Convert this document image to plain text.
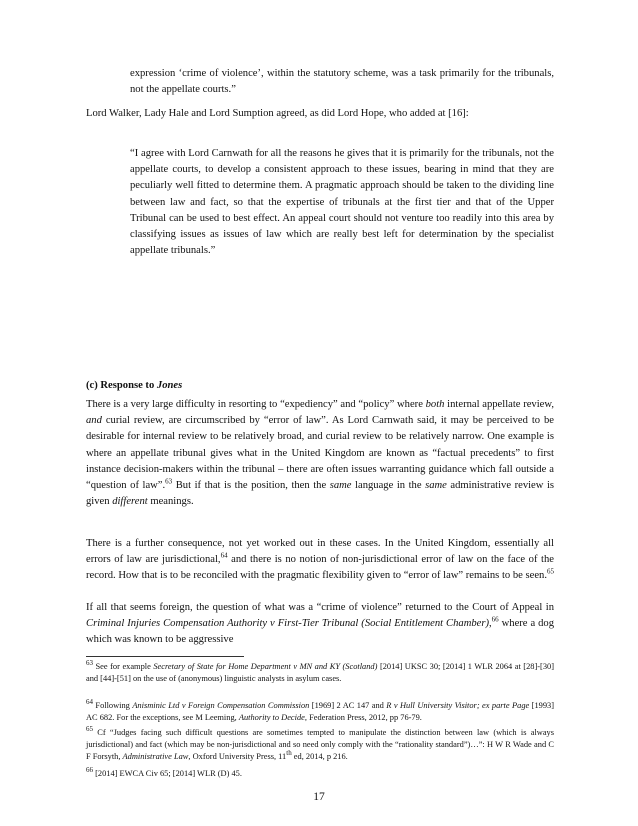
expression ‘crime of violence’, within the statutory scheme, was a task primarily for the tribunals, not the appellate courts.”

Lord Walker, Lady Hale and Lord Sumption agreed, as did Lord Hope, who added at [16]:

“I agree with Lord Carnwath for all the reasons he gives that it is primarily for the tribunals, not the appellate courts, to develop a consistent approach to these issues, bearing in mind that they are peculiarly well fitted to determine them. A pragmatic approach should be taken to the dividing line between law and fact, so that the expertise of tribunals at the first tier and that of the Upper Tribunal can be used to best effect. An appeal court should not venture too readily into this area by classifying issues as issues of law which are really best left for determination by the specialist appellate tribunals.”

(c) Response to Jones

There is a very large difficulty in resorting to “expediency” and “policy” where both internal appellate review, and curial review, are circumscribed by “error of law”. As Lord Carnwath said, it may be perceived to be desirable for internal review to be relatively broad, and curial review to be relatively narrow. One example is where an appellate tribunal gives what in the United Kingdom are known as “factual precedents” to first instance decision-makers within the tribunal – there are often issues warranting guidance which fall outside a “question of law”.$^{63}$ But if that is the position, then the same language in the same administrative review is given different meanings.

There is a further consequence, not yet worked out in these cases. In the United Kingdom, essentially all errors of law are jurisdictional,$^{64}$ and there is no notion of non-jurisdictional error of law on the face of the record. How that is to be reconciled with the pragmatic flexibility given to “error of law” remains to be seen.$^{65}$

If all that seems foreign, the question of what was a “crime of violence” returned to the Court of Appeal in Criminal Injuries Compensation Authority v First-Tier Tribunal (Social Entitlement Chamber),$^{66}$ where a dog which was known to be aggressive

$^{63}$ See for example Secretary of State for Home Department v MN and KY (Scotland) [2014] UKSC 30; [2014] 1 WLR 2064 at [28]-[30] and [44]-[51] on the use of (anonymous) linguistic analysts in asylum cases.

$^{64}$ Following Anisminic Ltd v Foreign Compensation Commission [1969] 2 AC 147 and R v Hull University Visitor; ex parte Page [1993] AC 682. For the exceptions, see M Leeming, Authority to Decide, Federation Press, 2012, pp 76-79.

$^{65}$ Cf “Judges facing such difficult questions are sometimes tempted to manipulate the distinction between law (which is always jurisdictional) and fact (which may be non-jurisdictional and so need only comply with the “rationality standard”)…”: H W R Wade and C F Forsyth, Administrative Law, Oxford University Press, 11th ed, 2014, p 216.

$^{66}$ [2014] EWCA Civ 65; [2014] WLR (D) 45.

17
